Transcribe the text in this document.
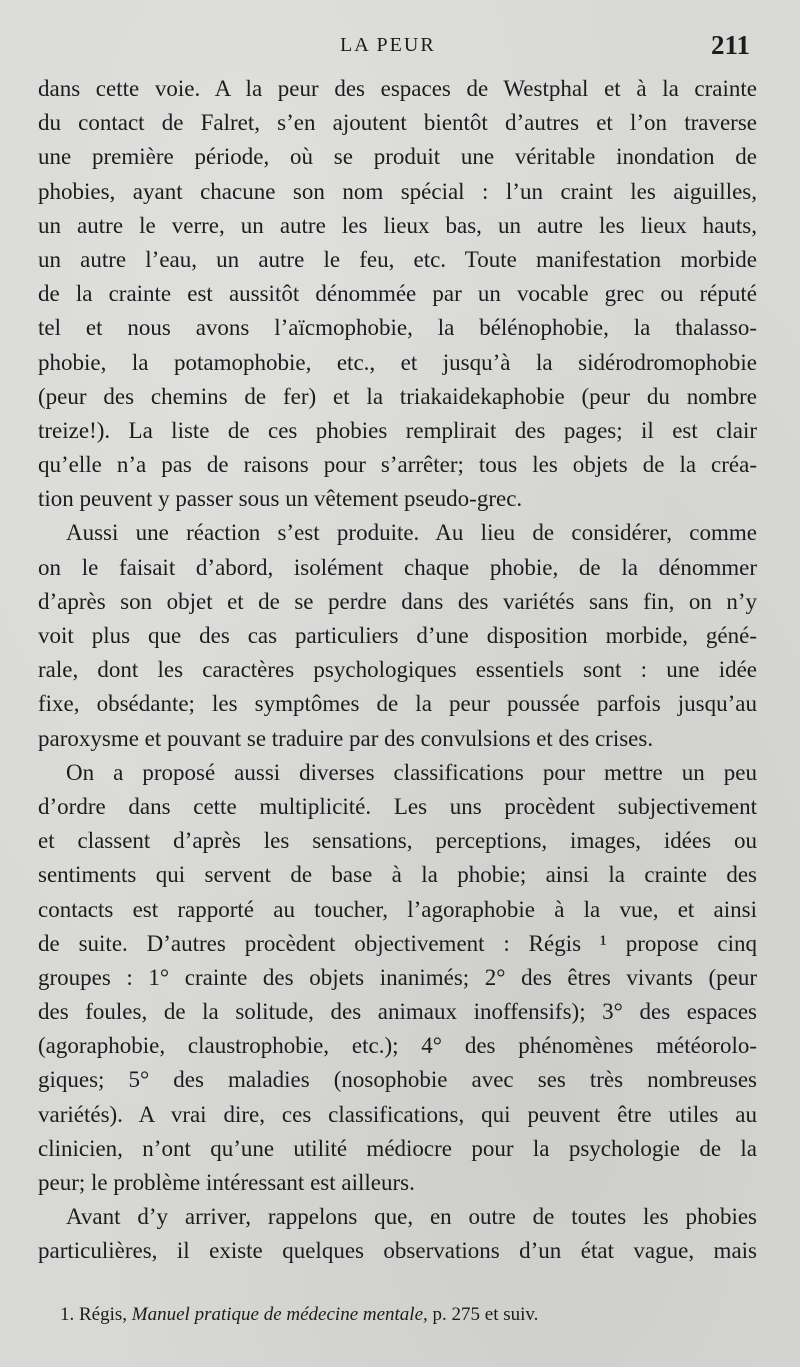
LA PEUR	211
dans cette voie. A la peur des espaces de Westphal et à la crainte
du contact de Falret, s’en ajoutent bientôt d’autres et l’on traverse
une première période, où se produit une véritable inondation de
phobies, ayant chacune son nom spécial : l’un craint les aiguilles,
un autre le verre, un autre les lieux bas, un autre les lieux hauts,
un autre l’eau, un autre le feu, etc. Toute manifestation morbide
de la crainte est aussitôt dénommée par un vocable grec ou réputé
tel et nous avons l’aïcmophobie, la bélénophobie, la thalasso-
phobie, la potamophobie, etc., et jusqu’à la sidérodromophobie
(peur des chemins de fer) et la triakaidekaphobie (peur du nombre
treize!). La liste de ces phobies remplirait des pages; il est clair
qu’elle n’a pas de raisons pour s’arrêter; tous les objets de la créa-
tion peuvent y passer sous un vêtement pseudo-grec.
Aussi une réaction s’est produite. Au lieu de considérer, comme
on le faisait d’abord, isolément chaque phobie, de la dénommer
d’après son objet et de se perdre dans des variétés sans fin, on n’y
voit plus que des cas particuliers d’une disposition morbide, géné-
rale, dont les caractères psychologiques essentiels sont : une idée
fixe, obsédante; les symptômes de la peur poussée parfois jusqu’au
paroxysme et pouvant se traduire par des convulsions et des crises.
On a proposé aussi diverses classifications pour mettre un peu
d’ordre dans cette multiplicité. Les uns procèdent subjectivement
et classent d’après les sensations, perceptions, images, idées ou
sentiments qui servent de base à la phobie; ainsi la crainte des
contacts est rapporté au toucher, l’agoraphobie à la vue, et ainsi
de suite. D’autres procèdent objectivement : Régis ¹ propose cinq
groupes : 1° crainte des objets inanimés; 2° des êtres vivants (peur
des foules, de la solitude, des animaux inoffensifs); 3° des espaces
(agoraphobie, claustrophobie, etc.); 4° des phénomènes météorolo-
giques; 5° des maladies (nosophobie avec ses très nombreuses
variétés). A vrai dire, ces classifications, qui peuvent être utiles au
clinicien, n’ont qu’une utilité médiocre pour la psychologie de la
peur; le problème intéressant est ailleurs.
Avant d’y arriver, rappelons que, en outre de toutes les phobies
particulières, il existe quelques observations d’un état vague, mais
1. Régis, Manuel pratique de médecine mentale, p. 275 et suiv.
